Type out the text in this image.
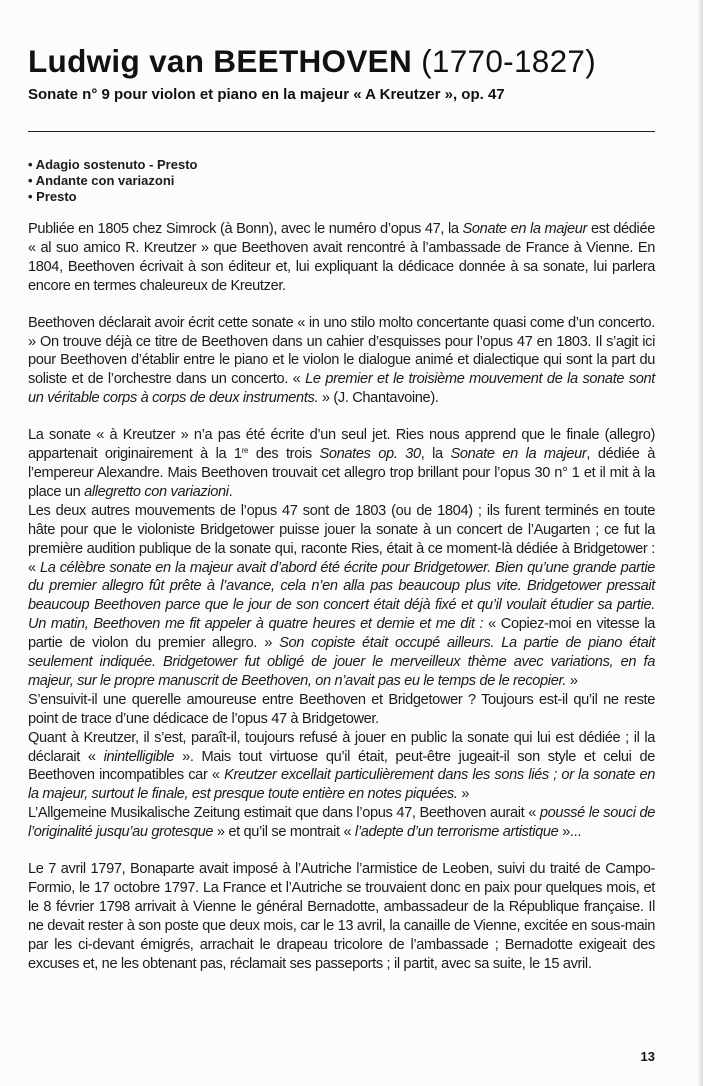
Ludwig van BEETHOVEN (1770-1827)
Sonate n° 9 pour violon et piano en la majeur « A Kreutzer », op. 47
• Adagio sostenuto - Presto
• Andante con variazoni
• Presto

Publiée en 1805 chez Simrock (à Bonn), avec le numéro d’opus 47, la Sonate en la majeur est dédiée « al suo amico R. Kreutzer » que Beethoven avait rencontré à l’ambassade de France à Vienne. En 1804, Beethoven écrivait à son éditeur et, lui expliquant la dédicace donnée à sa sonate, lui parlera encore en termes chaleureux de Kreutzer.

Beethoven déclarait avoir écrit cette sonate « in uno stilo molto concertante quasi come d’un concerto. » On trouve déjà ce titre de Beethoven dans un cahier d’esquisses pour l’opus 47 en 1803. Il s’agit ici pour Beethoven d’établir entre le piano et le violon le dialogue animé et dialectique qui sont la part du soliste et de l’orchestre dans un concerto. « Le premier et le troisième mouvement de la sonate sont un véritable corps à corps de deux instruments. » (J. Chantavoine).

La sonate « à Kreutzer » n’a pas été écrite d’un seul jet. Ries nous apprend que le finale (allegro) appartenait originairement à la 1re des trois Sonates op. 30, la Sonate en la majeur, dédiée à l’empereur Alexandre. Mais Beethoven trouvait cet allegro trop brillant pour l’opus 30 n° 1 et il mit à la place un allegretto con variazioni.

Les deux autres mouvements de l’opus 47 sont de 1803 (ou de 1804) ; ils furent terminés en toute hâte pour que le violoniste Bridgetower puisse jouer la sonate à un concert de l’Augarten ; ce fut la première audition publique de la sonate qui, raconte Ries, était à ce moment-là dédiée à Bridgetower : « La célèbre sonate en la majeur avait d’abord été écrite pour Bridgetower. Bien qu’une grande partie du premier allegro fût prête à l’avance, cela n’en alla pas beaucoup plus vite. Bridgetower pressait beaucoup Beethoven parce que le jour de son concert était déjà fixé et qu’il voulait étudier sa partie. Un matin, Beethoven me fit appeler à quatre heures et demie et me dit : « Copiez-moi en vitesse la partie de violon du premier allegro. » Son copiste était occupé ailleurs. La partie de piano était seulement indiquée. Bridgetower fut obligé de jouer le merveilleux thème avec variations, en fa majeur, sur le propre manuscrit de Beethoven, on n’avait pas eu le temps de le recopier. »

S’ensuivit-il une querelle amoureuse entre Beethoven et Bridgetower ? Toujours est-il qu’il ne reste point de trace d’une dédicace de l’opus 47 à Bridgetower.

Quant à Kreutzer, il s’est, paraît-il, toujours refusé à jouer en public la sonate qui lui est dédiée ; il la déclarait « inintelligible ». Mais tout virtuose qu’il était, peut-être jugeait-il son style et celui de Beethoven incompatibles car « Kreutzer excellait particulièrement dans les sons liés ; or la sonate en la majeur, surtout le finale, est presque toute entière en notes piquées. »

L’Allgemeine Musikalische Zeitung estimait que dans l’opus 47, Beethoven aurait « poussé le souci de l’originalité jusqu’au grotesque » et qu’il se montrait « l’adepte d’un terrorisme artistique »...

Le 7 avril 1797, Bonaparte avait imposé à l’Autriche l’armistice de Leoben, suivi du traité de Campo-Formio, le 17 octobre 1797. La France et l’Autriche se trouvaient donc en paix pour quelques mois, et le 8 février 1798 arrivait à Vienne le général Bernadotte, ambassadeur de la République française. Il ne devait rester à son poste que deux mois, car le 13 avril, la canaille de Vienne, excitée en sous-main par les ci-devant émigrés, arrachait le drapeau tricolore de l’ambassade ; Bernadotte exigeait des excuses et, ne les obtenant pas, réclamait ses passeports ; il partit, avec sa suite, le 15 avril.

13
